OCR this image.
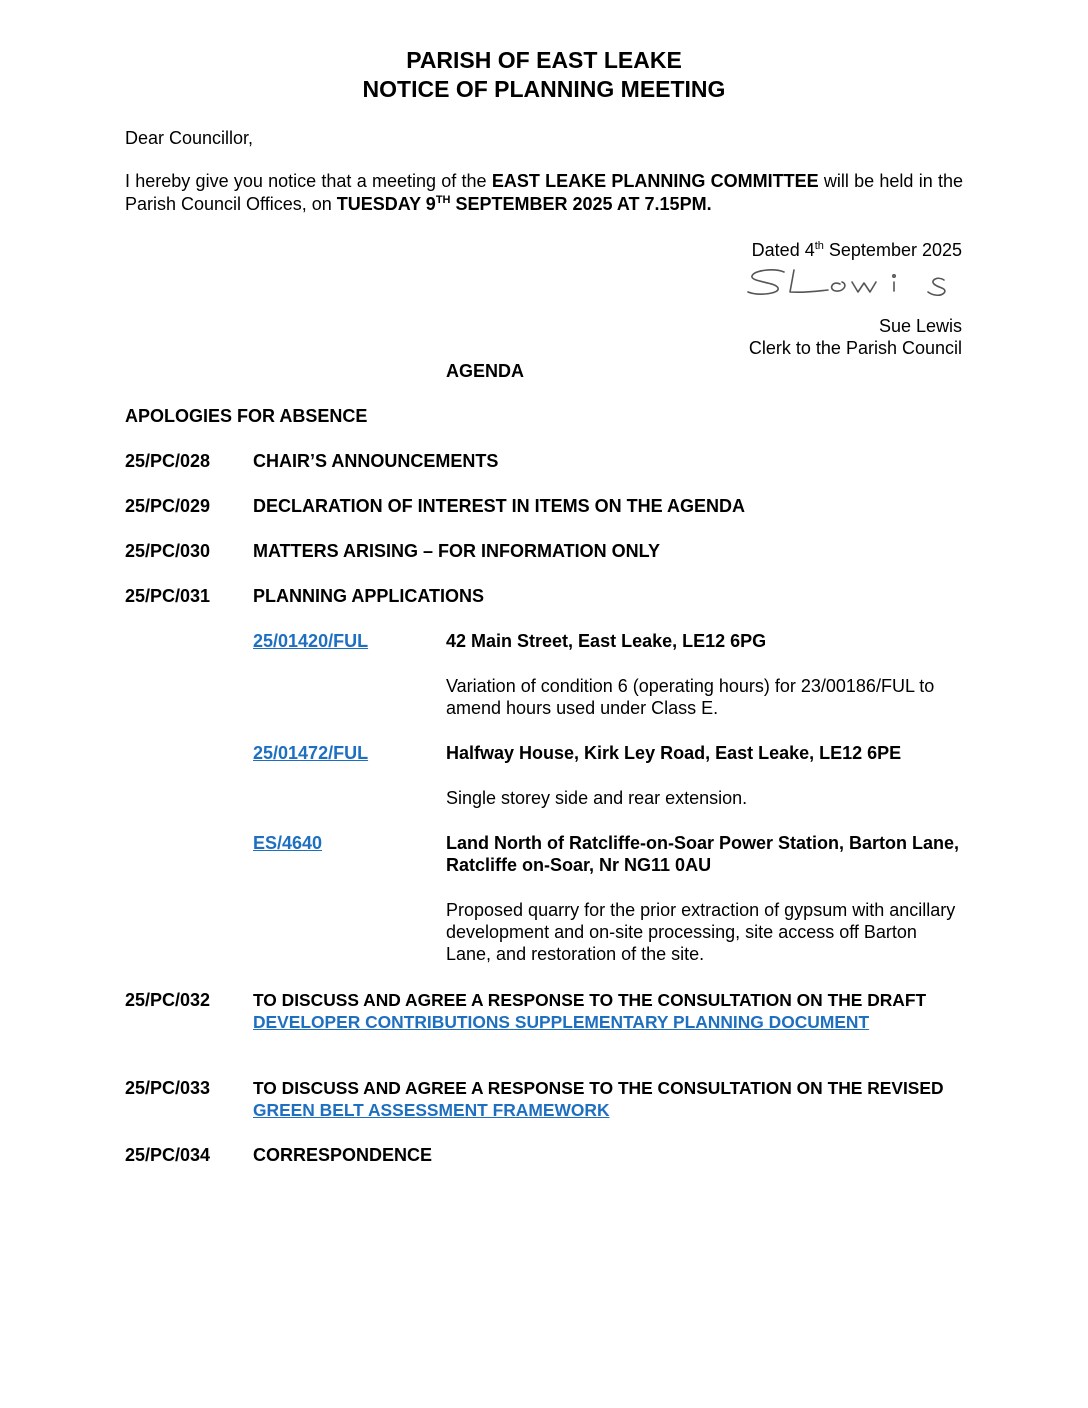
PARISH OF EAST LEAKE
NOTICE OF PLANNING MEETING
Dear Councillor,
I hereby give you notice that a meeting of the EAST LEAKE PLANNING COMMITTEE will be held in the Parish Council Offices, on TUESDAY 9TH SEPTEMBER 2025 AT 7.15PM.
Dated 4th September 2025
Sue Lewis
Clerk to the Parish Council
AGENDA
APOLOGIES FOR ABSENCE
25/PC/028 CHAIR’S ANNOUNCEMENTS
25/PC/029 DECLARATION OF INTEREST IN ITEMS ON THE AGENDA
25/PC/030 MATTERS ARISING – FOR INFORMATION ONLY
25/PC/031 PLANNING APPLICATIONS
25/01420/FUL	42 Main Street, East Leake, LE12 6PG
Variation of condition 6 (operating hours) for 23/00186/FUL to amend hours used under Class E.
25/01472/FUL	Halfway House, Kirk Ley Road, East Leake, LE12 6PE
Single storey side and rear extension.
ES/4640	Land North of Ratcliffe-on-Soar Power Station, Barton Lane, Ratcliffe on-Soar, Nr NG11 0AU
Proposed quarry for the prior extraction of gypsum with ancillary development and on-site processing, site access off Barton Lane, and restoration of the site.
25/PC/032 TO DISCUSS AND AGREE A RESPONSE TO THE CONSULTATION ON THE DRAFT DEVELOPER CONTRIBUTIONS SUPPLEMENTARY PLANNING DOCUMENT
25/PC/033 TO DISCUSS AND AGREE A RESPONSE TO THE CONSULTATION ON THE REVISED GREEN BELT ASSESSMENT FRAMEWORK
25/PC/034 CORRESPONDENCE
